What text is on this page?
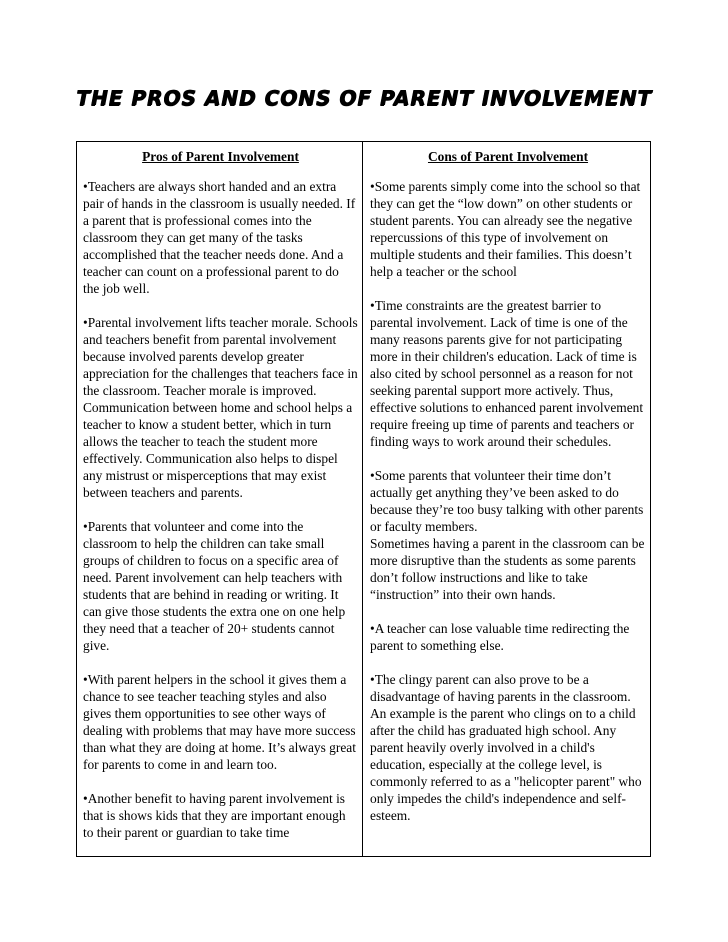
THE PROS AND CONS OF PARENT INVOLVEMENT
Pros of Parent Involvement
•Teachers are always short handed and an extra pair of hands in the classroom is usually needed. If a parent that is professional comes into the classroom they can get many of the tasks accomplished that the teacher needs done. And a teacher can count on a professional parent to do the job well.
•Parental involvement lifts teacher morale. Schools and teachers benefit from parental involvement because involved parents develop greater appreciation for the challenges that teachers face in the classroom. Teacher morale is improved. Communication between home and school helps a teacher to know a student better, which in turn allows the teacher to teach the student more effectively. Communication also helps to dispel any mistrust or misperceptions that may exist between teachers and parents.
•Parents that volunteer and come into the classroom to help the children can take small groups of children to focus on a specific area of need. Parent involvement can help teachers with students that are behind in reading or writing. It can give those students the extra one on one help they need that a teacher of 20+ students cannot give.
•With parent helpers in the school it gives them a chance to see teacher teaching styles and also gives them opportunities to see other ways of dealing with problems that may have more success than what they are doing at home. It’s always great for parents to come in and learn too.
•Another benefit to having parent involvement is that is shows kids that they are important enough to their parent or guardian to take time
Cons of Parent Involvement
•Some parents simply come into the school so that they can get the “low down” on other students or student parents. You can already see the negative repercussions of this type of involvement on multiple students and their families. This doesn’t help a teacher or the school
•Time constraints are the greatest barrier to parental involvement. Lack of time is one of the many reasons parents give for not participating more in their children's education. Lack of time is also cited by school personnel as a reason for not seeking parental support more actively. Thus, effective solutions to enhanced parent involvement require freeing up time of parents and teachers or finding ways to work around their schedules.
•Some parents that volunteer their time don’t actually get anything they’ve been asked to do because they’re too busy talking with other parents or faculty members.
Sometimes having a parent in the classroom can be more disruptive than the students as some parents don’t follow instructions and like to take “instruction” into their own hands.
•A teacher can lose valuable time redirecting the parent to something else.
•The clingy parent can also prove to be a disadvantage of having parents in the classroom. An example is the parent who clings on to a child after the child has graduated high school. Any parent heavily overly involved in a child's education, especially at the college level, is commonly referred to as a "helicopter parent" who only impedes the child's independence and self-esteem.
